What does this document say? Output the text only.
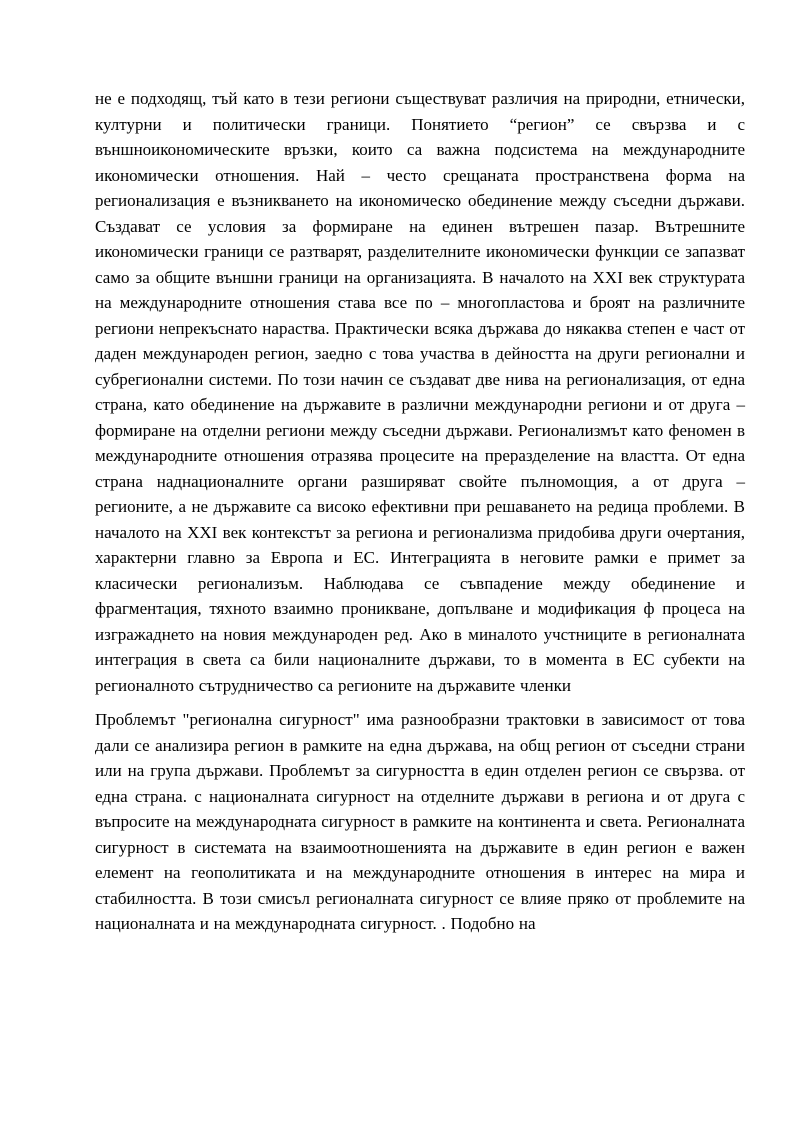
не е подходящ, тъй като в тези региони съществуват различия на природни, етнически, културни и политически граници. Понятието “регион” се свързва и с външноикономическите връзки, които са важна подсистема на международните икономически отношения. Най – често срещаната пространствена форма на регионализация е възникването на икономическо обединение между съседни държави. Създават се условия за формиране на единен вътрешен пазар. Вътрешните икономически граници се разтварят, разделителните икономически функции се запазват само за общите външни граници на организацията. В началото на XXI век структурата на международните отношения става все по – многопластова и броят на различните региони непрекъснато нараства. Практически всяка държава до някаква степен е част от даден международен регион, заедно с това участва в дейността на други регионални и субрегионални системи. По този начин се създават две нива на регионализация, от една страна, като обединение на държавите в различни международни региони и от друга – формиране на отделни региони между съседни държави. Регионализмът като феномен в международните отношения отразява процесите на преразделение на властта. От една страна наднационалните органи разширяват свойте пълномощия, а от друга – регионите, а не държавите са високо ефективни при решаването на редица проблеми. В началото на XXI век контекстът за региона и регионализма придобива други очертания, характерни главно за Европа и ЕС. Интеграцията в неговите рамки е примет за класически регионализъм. Наблюдава се съвпадение между обединение и фрагментация, тяхното взаимно проникване, допълване и модификация ф процеса на изгражаднето на новия международен ред. Ако в миналото учстниците в регионалната интеграция в света са били националните държави, то в момента в ЕС субекти на регионалното сътрудничество са регионите на държавите членки

Проблемът "регионална сигурност" има разнообразни трактовки в зависимост от това дали се анализира регион в рамките на една държава, на общ регион от съседни страни или на група държави. Проблемът за сигурността в един отделен регион се свързва. от една страна. с националната сигурност на отделните държави в региона и от друга с въпросите на международната сигурност в рамките на континента и света. Регионалната сигурност в системата на взаимоотношенията на държавите в един регион е важен елемент на геополитиката и на международните отношения в интерес на мира и стабилността. В този смисъл регионалната сигурност се влияе пряко от проблемите на националната и на международната сигурност. . Подобно на
